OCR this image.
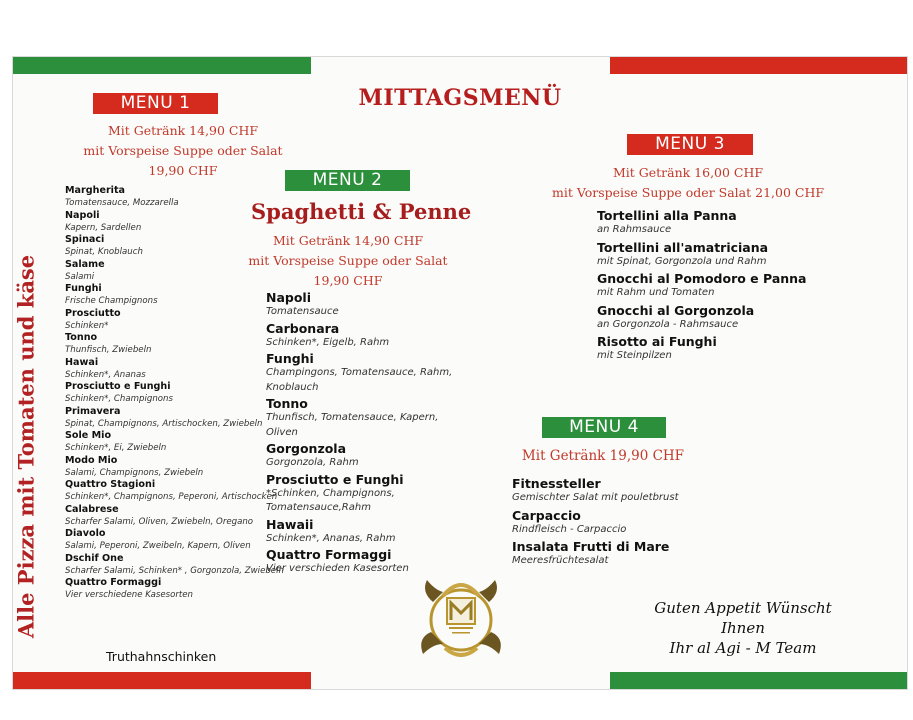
MITTAGSMENÜ
Alle Pizza mit Tomaten und käse
MENU 1
Mit Getränk 14,90 CHF
mit Vorspeise Suppe oder Salat
19,90 CHF
Margherita
Tomatensauce, Mozzarella
Napoli
Kapern, Sardellen
Spinaci
Spinat, Knoblauch
Salame
Salami
Funghi
Frische Champignons
Prosciutto
Schinken*
Tonno
Thunfisch, Zwiebeln
Hawai
Schinken*, Ananas
Prosciutto e Funghi
Schinken*, Champignons
Primavera
Spinat, Champignons, Artischocken, Zwiebeln
Sole Mio
Schinken*, Ei, Zwiebeln
Modo Mio
Salami, Champignons, Zwiebeln
Quattro Stagioni
Schinken*, Champignons, Peperoni, Artischocken
Calabrese
Scharfer Salami, Oliven, Zwiebeln, Oregano
Diavolo
Salami, Peperoni, Zweibeln, Kapern, Oliven
Dschif One
Scharfer Salami, Schinken* , Gorgonzola, Zwiebeln
Quattro Formaggi
Vier verschiedene Kasesorten
Truthahnschinken
MENU 2
Spaghetti & Penne
Mit Getränk 14,90 CHF
mit Vorspeise Suppe oder Salat
19,90 CHF
Napoli
Tomatensauce
Carbonara
Schinken*, Eigelb, Rahm
Funghi
Champingons, Tomatensauce, Rahm, Knoblauch
Tonno
Thunfisch, Tomatensauce, Kapern, Oliven
Gorgonzola
Gorgonzola, Rahm
Prosciutto e Funghi
*Schinken, Champignons, Tomatensauce,Rahm
Hawaii
Schinken*, Ananas, Rahm
Quattro Formaggi
Vier verschieden Kasesorten
MENU 3
Mit Getränk 16,00 CHF
mit Vorspeise Suppe oder Salat 21,00 CHF
Tortellini alla Panna
an Rahmsauce
Tortellini all'amatriciana
mit Spinat, Gorgonzola und Rahm
Gnocchi al Pomodoro e Panna
mit Rahm und Tomaten
Gnocchi al Gorgonzola
an Gorgonzola - Rahmsauce
Risotto ai Funghi
mit Steinpilzen
MENU 4
Mit Getränk 19,90 CHF
Fitnessteller
Gemischter Salat mit pouletbrust
Carpaccio
Rindfleisch - Carpaccio
Insalata Frutti di Mare
Meeresfrüchtesalat
Guten Appetit Wünscht
Ihnen
Ihr al Agi - M Team
